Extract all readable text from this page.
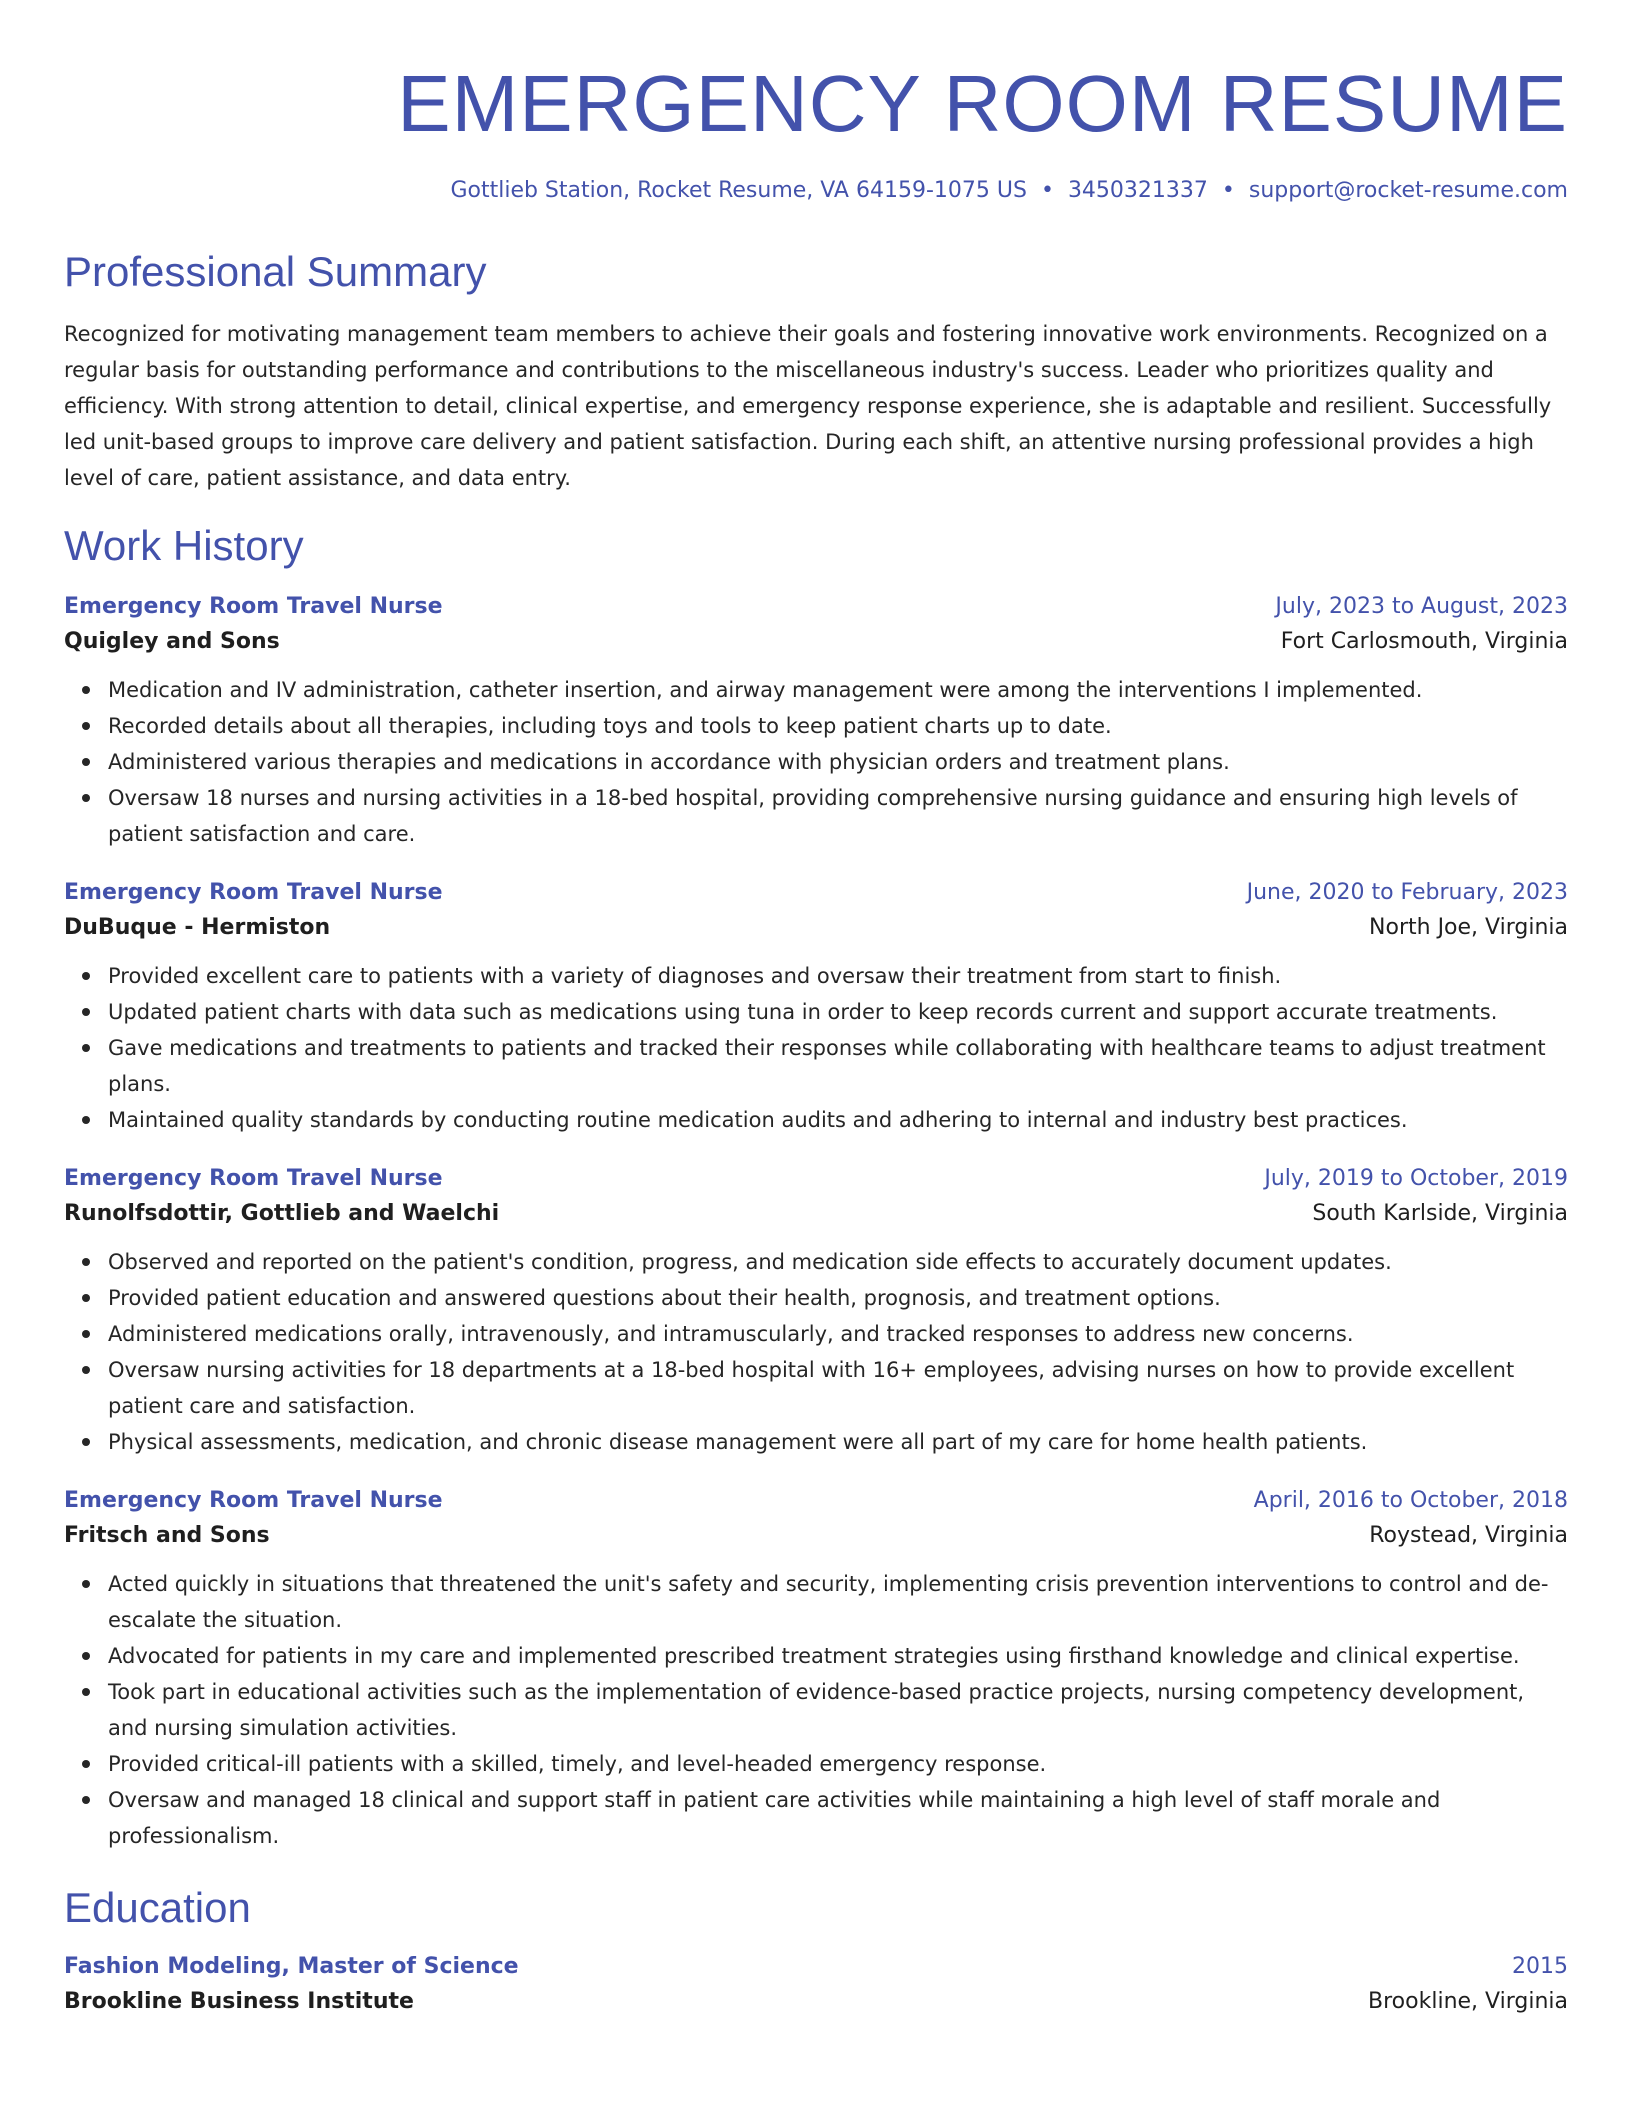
EMERGENCY ROOM RESUME
Gottlieb Station, Rocket Resume, VA 64159-1075 US • 3450321337 • support@rocket-resume.com
Professional Summary

Recognized for motivating management team members to achieve their goals and fostering innovative work environments. Recognized on a regular basis for outstanding performance and contributions to the miscellaneous industry's success. Leader who prioritizes quality and efficiency. With strong attention to detail, clinical expertise, and emergency response experience, she is adaptable and resilient. Successfully led unit-based groups to improve care delivery and patient satisfaction. During each shift, an attentive nursing professional provides a high level of care, patient assistance, and data entry.

Work History
Emergency Room Travel Nurse	July, 2023 to August, 2023
Quigley and Sons	Fort Carlosmouth, Virginia
Medication and IV administration, catheter insertion, and airway management were among the interventions I implemented.
Recorded details about all therapies, including toys and tools to keep patient charts up to date.
Administered various therapies and medications in accordance with physician orders and treatment plans.
Oversaw 18 nurses and nursing activities in a 18-bed hospital, providing comprehensive nursing guidance and ensuring high levels of patient satisfaction and care.
Emergency Room Travel Nurse	June, 2020 to February, 2023
DuBuque - Hermiston	North Joe, Virginia
Provided excellent care to patients with a variety of diagnoses and oversaw their treatment from start to finish.
Updated patient charts with data such as medications using tuna in order to keep records current and support accurate treatments.
Gave medications and treatments to patients and tracked their responses while collaborating with healthcare teams to adjust treatment plans.
Maintained quality standards by conducting routine medication audits and adhering to internal and industry best practices.
Emergency Room Travel Nurse	July, 2019 to October, 2019
Runolfsdottir, Gottlieb and Waelchi	South Karlside, Virginia
Observed and reported on the patient's condition, progress, and medication side effects to accurately document updates.
Provided patient education and answered questions about their health, prognosis, and treatment options.
Administered medications orally, intravenously, and intramuscularly, and tracked responses to address new concerns.
Oversaw nursing activities for 18 departments at a 18-bed hospital with 16+ employees, advising nurses on how to provide excellent patient care and satisfaction.
Physical assessments, medication, and chronic disease management were all part of my care for home health patients.
Emergency Room Travel Nurse	April, 2016 to October, 2018
Fritsch and Sons	Roystead, Virginia
Acted quickly in situations that threatened the unit's safety and security, implementing crisis prevention interventions to control and de-escalate the situation.
Advocated for patients in my care and implemented prescribed treatment strategies using firsthand knowledge and clinical expertise.
Took part in educational activities such as the implementation of evidence-based practice projects, nursing competency development, and nursing simulation activities.
Provided critical-ill patients with a skilled, timely, and level-headed emergency response.
Oversaw and managed 18 clinical and support staff in patient care activities while maintaining a high level of staff morale and professionalism.
Education
Fashion Modeling, Master of Science	2015
Brookline Business Institute	Brookline, Virginia
